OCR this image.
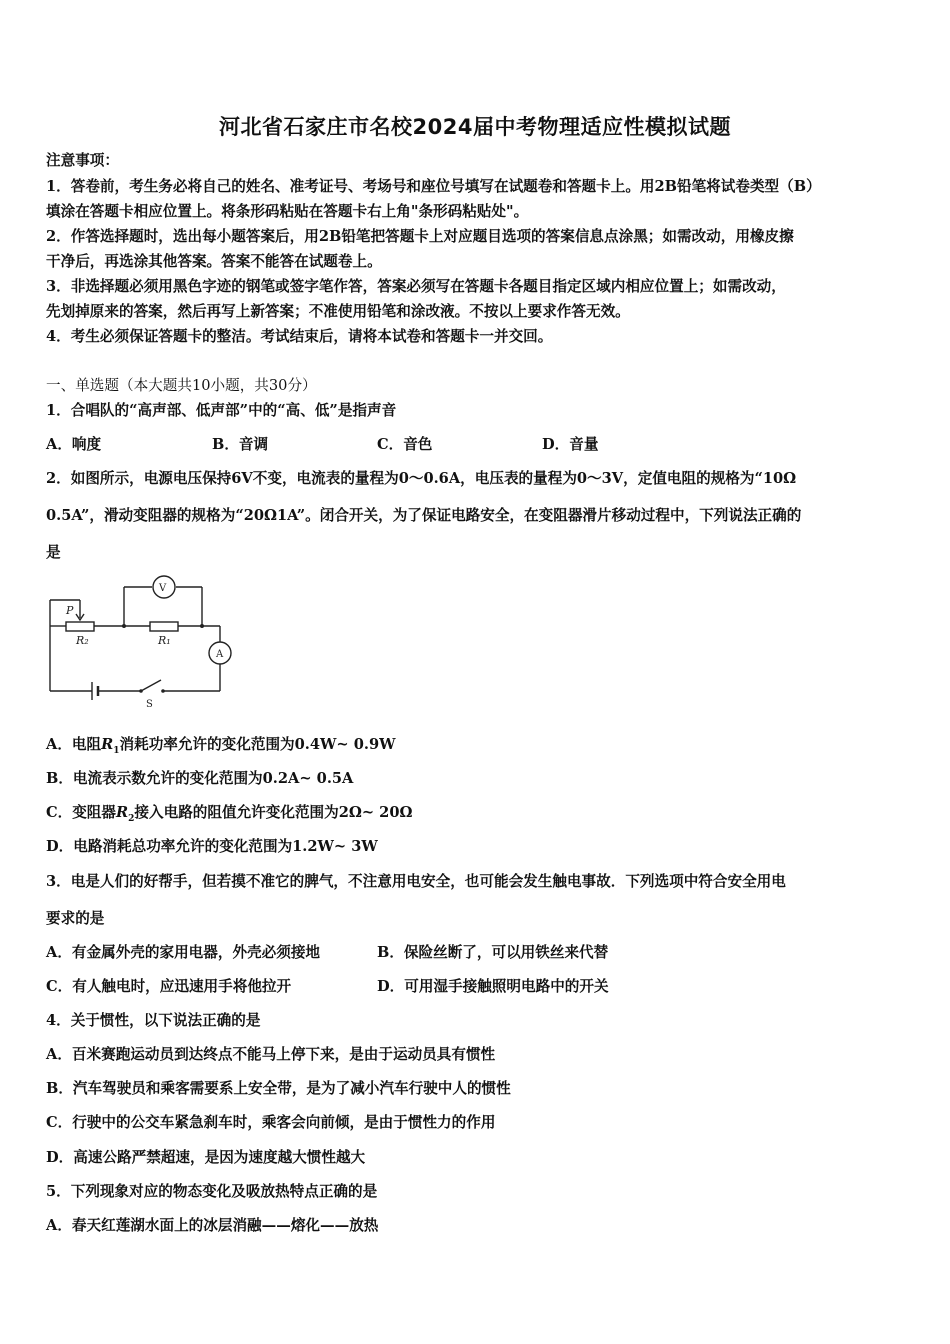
河北省石家庄市名校2024届中考物理适应性模拟试题
注意事项：
1．答卷前，考生务必将自己的姓名、准考证号、考场号和座位号填写在试题卷和答题卡上。用2B铅笔将试卷类型（B）
填涂在答题卡相应位置上。将条形码粘贴在答题卡右上角"条形码粘贴处"。
2．作答选择题时，选出每小题答案后，用2B铅笔把答题卡上对应题目选项的答案信息点涂黑；如需改动，用橡皮擦
干净后，再选涂其他答案。答案不能答在试题卷上。
3．非选择题必须用黑色字迹的钢笔或签字笔作答，答案必须写在答题卡各题目指定区域内相应位置上；如需改动，
先划掉原来的答案，然后再写上新答案；不准使用铅笔和涂改液。不按以上要求作答无效。
4．考生必须保证答题卡的整洁。考试结束后，请将本试卷和答题卡一并交回。
一、单选题（本大题共10小题，共30分）
1．合唱队的“高声部、低声部”中的“高、低”是指声音
A．响度	B．音调	C．音色	D．音量
2．如图所示，电源电压保持6V不变，电流表的量程为0～0.6A，电压表的量程为0～3V，定值电阻的规格为“10Ω
0.5A”，滑动变阻器的规格为“20Ω1A”。闭合开关，为了保证电路安全，在变阻器滑片移动过程中，下列说法正确的
是
P
R₂	R₁
V
A
S
A．电阻$R_1$消耗功率允许的变化范围为0.4W~ 0.9W
B．电流表示数允许的变化范围为0.2A~ 0.5A
C．变阻器$R_2$接入电路的阻值允许变化范围为2Ω~ 20Ω
D．电路消耗总功率允许的变化范围为1.2W~ 3W
3．电是人们的好帮手，但若摸不准它的脾气，不注意用电安全，也可能会发生触电事故．下列选项中符合安全用电
要求的是
A．有金属外壳的家用电器，外壳必须接地	B．保险丝断了，可以用铁丝来代替
C．有人触电时，应迅速用手将他拉开	D．可用湿手接触照明电路中的开关
4．关于惯性，以下说法正确的是
A．百米赛跑运动员到达终点不能马上停下来，是由于运动员具有惯性
B．汽车驾驶员和乘客需要系上安全带，是为了减小汽车行驶中人的惯性
C．行驶中的公交车紧急刹车时，乘客会向前倾，是由于惯性力的作用
D．高速公路严禁超速，是因为速度越大惯性越大
5．下列现象对应的物态变化及吸放热特点正确的是
A．春天红莲湖水面上的冰层消融——熔化——放热
